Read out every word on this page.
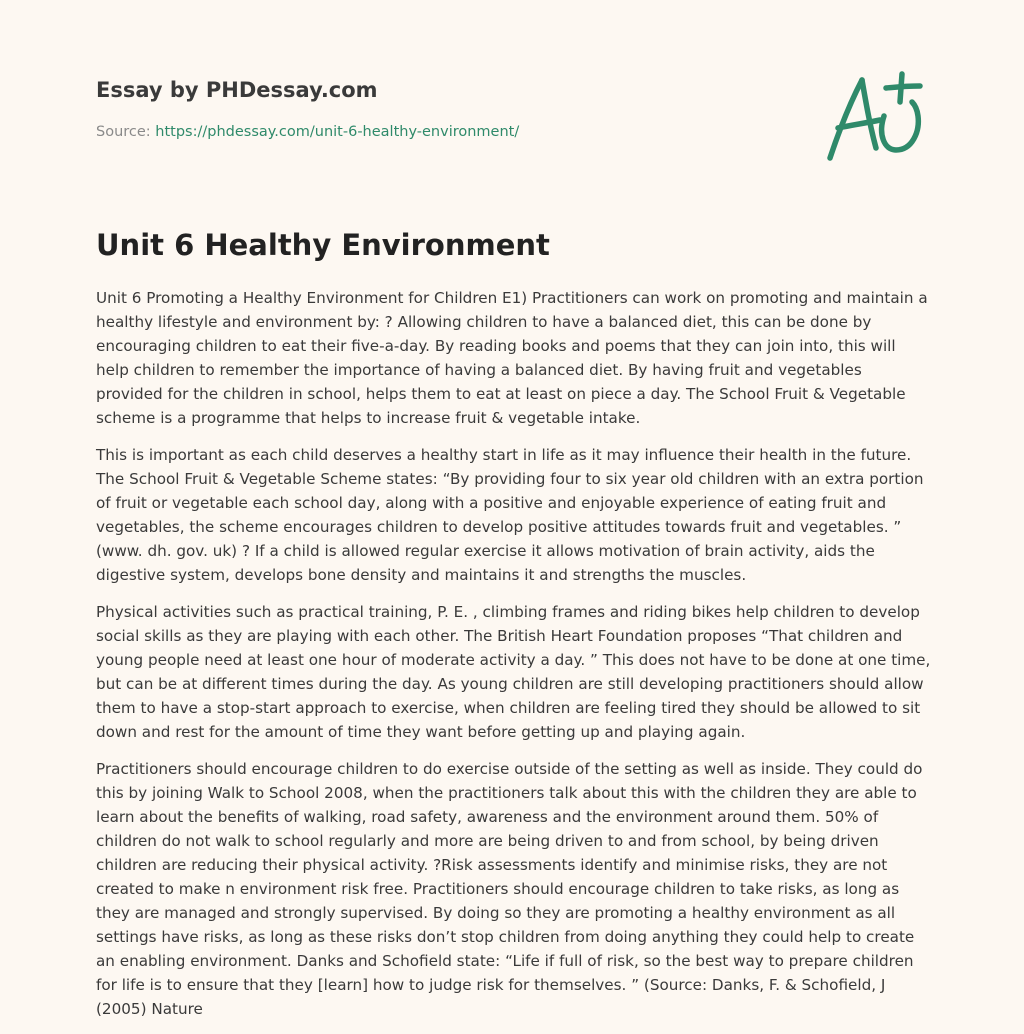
Essay by PHDessay.com
Source: https://phdessay.com/unit-6-healthy-environment/
Unit 6 Healthy Environment

Unit 6 Promoting a Healthy Environment for Children E1) Practitioners can work on promoting and maintain a healthy lifestyle and environment by: ? Allowing children to have a balanced diet, this can be done by encouraging children to eat their five-a-day. By reading books and poems that they can join into, this will help children to remember the importance of having a balanced diet. By having fruit and vegetables provided for the children in school, helps them to eat at least on piece a day. The School Fruit & Vegetable scheme is a programme that helps to increase fruit & vegetable intake.

This is important as each child deserves a healthy start in life as it may influence their health in the future. The School Fruit & Vegetable Scheme states: “By providing four to six year old children with an extra portion of fruit or vegetable each school day, along with a positive and enjoyable experience of eating fruit and vegetables, the scheme encourages children to develop positive attitudes towards fruit and vegetables. ” (www. dh. gov. uk) ? If a child is allowed regular exercise it allows motivation of brain activity, aids the digestive system, develops bone density and maintains it and strengths the muscles.

Physical activities such as practical training, P. E. , climbing frames and riding bikes help children to develop social skills as they are playing with each other. The British Heart Foundation proposes “That children and young people need at least one hour of moderate activity a day. ” This does not have to be done at one time, but can be at different times during the day. As young children are still developing practitioners should allow them to have a stop-start approach to exercise, when children are feeling tired they should be allowed to sit down and rest for the amount of time they want before getting up and playing again.

Practitioners should encourage children to do exercise outside of the setting as well as inside. They could do this by joining Walk to School 2008, when the practitioners talk about this with the children they are able to learn about the benefits of walking, road safety, awareness and the environment around them. 50% of children do not walk to school regularly and more are being driven to and from school, by being driven children are reducing their physical activity. ?Risk assessments identify and minimise risks, they are not created to make n environment risk free. Practitioners should encourage children to take risks, as long as they are managed and strongly supervised. By doing so they are promoting a healthy environment as all settings have risks, as long as these risks don’t stop children from doing anything they could help to create an enabling environment. Danks and Schofield state: “Life if full of risk, so the best way to prepare children for life is to ensure that they [learn] how to judge risk for themselves. ” (Source: Danks, F. & Schofield, J (2005) Nature
